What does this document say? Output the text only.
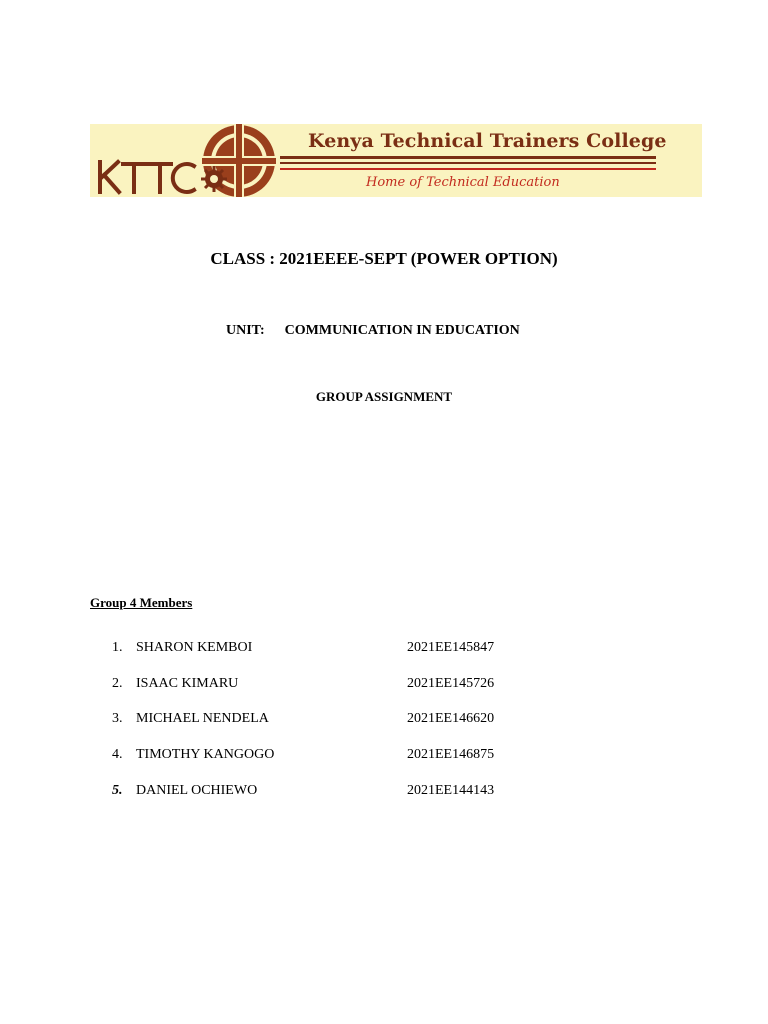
Kenya Technical Trainers College
Home of Technical Education
CLASS : 2021EEEE-SEPT (POWER OPTION)
UNIT: COMMUNICATION IN EDUCATION
GROUP ASSIGNMENT
Group 4 Members
1. SHARON KEMBOI	2021EE145847
2. ISAAC KIMARU	2021EE145726
3. MICHAEL NENDELA	2021EE146620
4. TIMOTHY KANGOGO	2021EE146875
5. DANIEL OCHIEWO	2021EE144143
